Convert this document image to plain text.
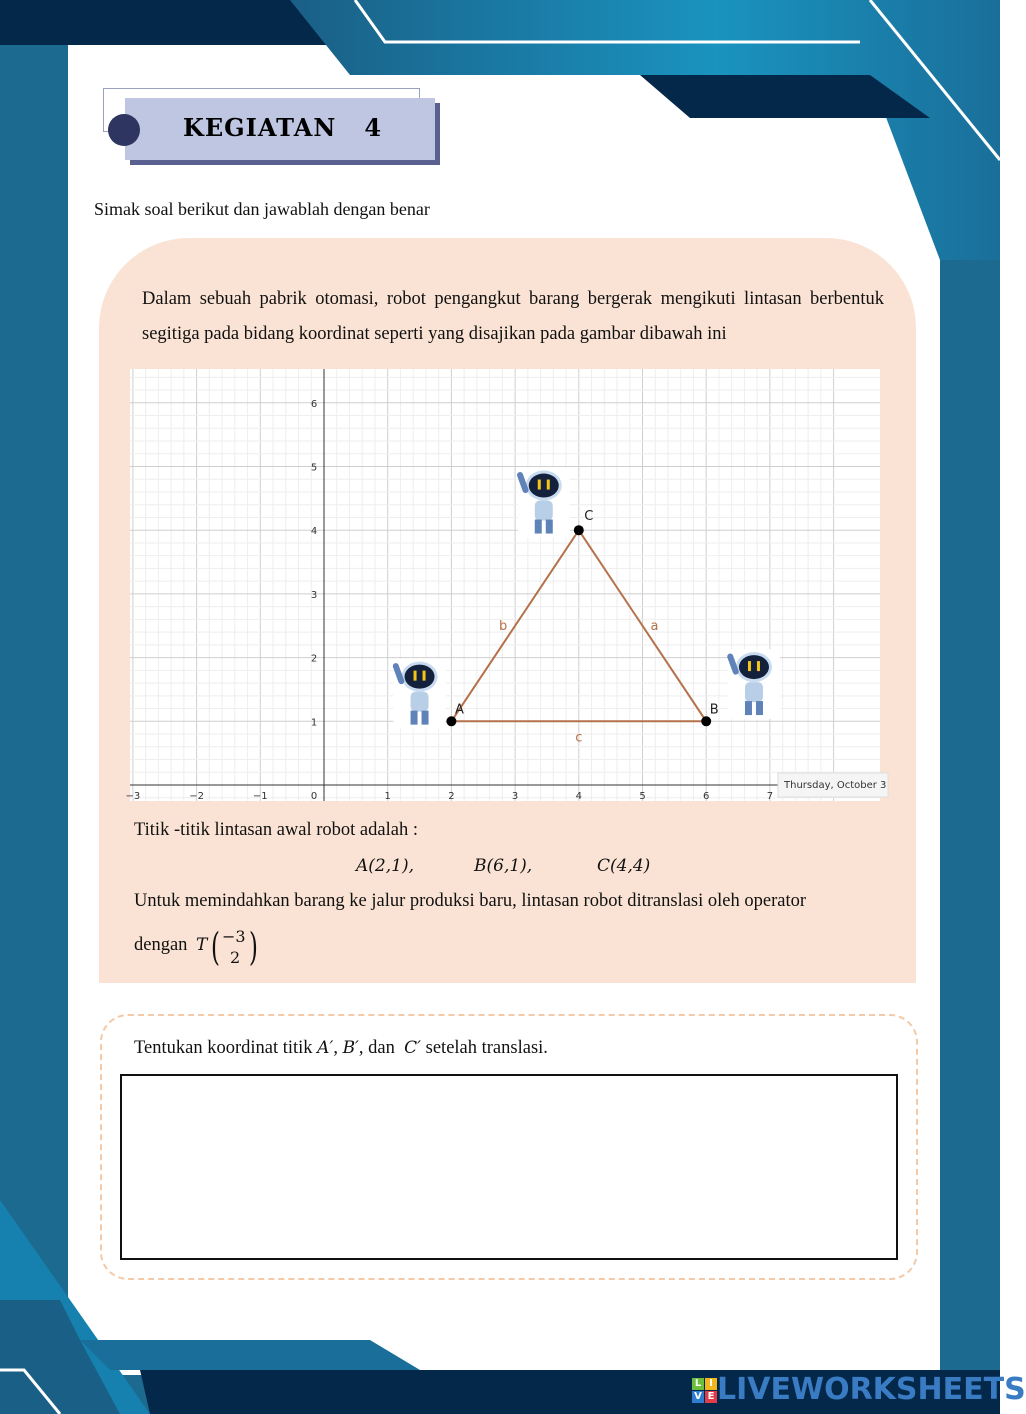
KEGIATAN   4
Simak soal berikut dan jawablah dengan benar
Dalam sebuah pabrik otomasi, robot pengangkut barang bergerak mengikuti lintasan berbentuk segitiga pada bidang koordinat seperti yang disajikan pada gambar dibawah ini
−3	−2	−1	0	1	2	3	4	5	6	7
1
2
3
4
5
6
a
b
c
A	B
C
Thursday, October 3
Titik -titik lintasan awal robot adalah :
A(2,1),	B(6,1),	C(4,4)
Untuk memindahkan barang ke jalur produksi baru, lintasan robot ditranslasi oleh operator
dengan T ( )
−3
2
Tentukan koordinat titik A′, B′, dan  C′ setelah translasi.
L I
V E LIVEWORKSHEETS
